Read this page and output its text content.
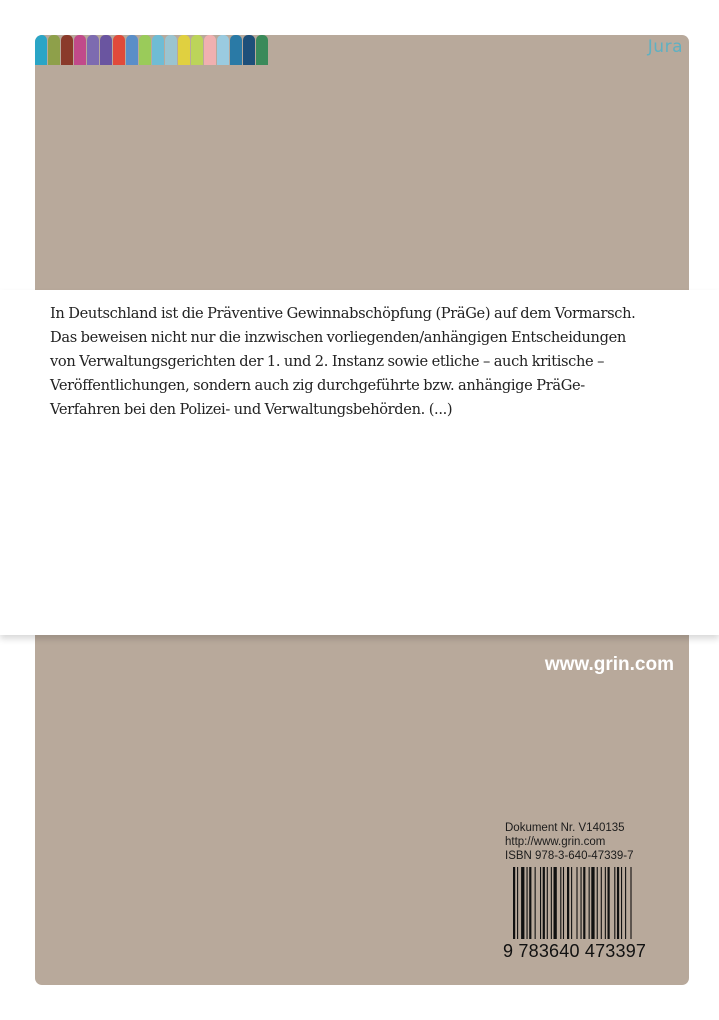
Jura

In Deutschland ist die Präventive Gewinnabschöpfung (PräGe) auf dem Vormarsch. Das beweisen nicht nur die inzwischen vorliegenden/anhängigen Entscheidungen von Verwaltungsgerichten der 1. und 2. Instanz sowie etliche – auch kritische – Veröffentlichungen, sondern auch zig durchgeführte bzw. anhängige PräGe-Verfahren bei den Polizei- und Verwaltungsbehörden. (...)

www.grin.com
Dokument Nr. V140135
http://www.grin.com
ISBN 978-3-640-47339-7
9 783640 473397
